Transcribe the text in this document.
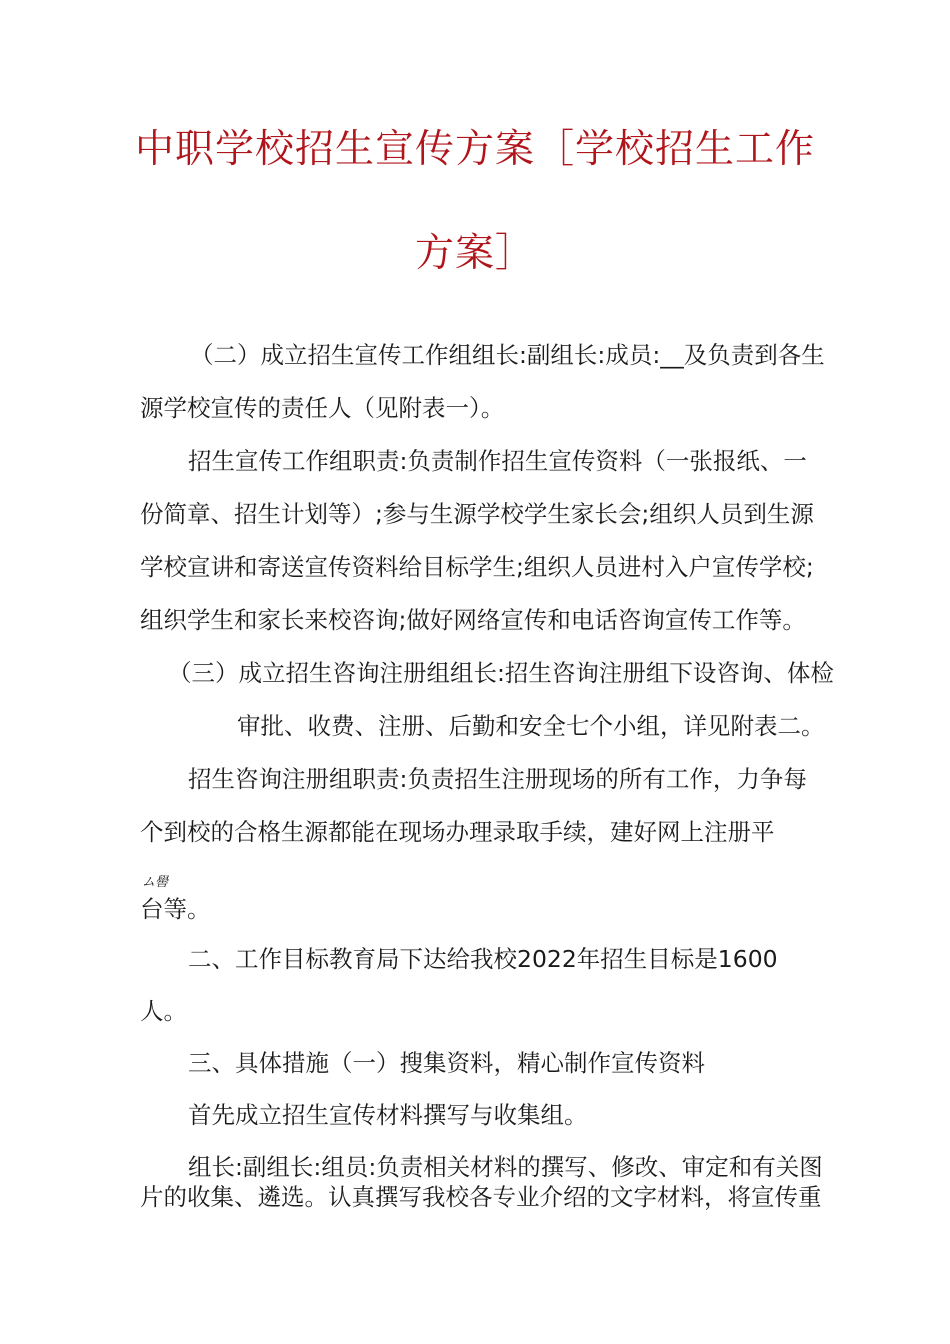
中职学校招生宣传方案［学校招生工作
方案］
（二）成立招生宣传工作组组长:副组长:成员:__及负责到各生
源学校宣传的责任人（见附表一）。
招生宣传工作组职责:负责制作招生宣传资料（一张报纸、一
份简章、招生计划等）;参与生源学校学生家长会;组织人员到生源
学校宣讲和寄送宣传资料给目标学生;组织人员进村入户宣传学校;
组织学生和家长来校咨询;做好网络宣传和电话咨询宣传工作等。
（三）成立招生咨询注册组组长:招生咨询注册组下设咨询、体检
审批、收费、注册、后勤和安全七个小组，详见附表二。
招生咨询注册组职责:负责招生注册现场的所有工作，力争每
个到校的合格生源都能在现场办理录取手续，建好网上注册平
ム嚳
台等。
二、工作目标教育局下达给我校2022年招生目标是1600
人。
三、具体措施（一）搜集资料，精心制作宣传资料
首先成立招生宣传材料撰写与收集组。
组长:副组长:组员:负责相关材料的撰写、修改、审定和有关图
片的收集、遴选。认真撰写我校各专业介绍的文字材料，将宣传重
